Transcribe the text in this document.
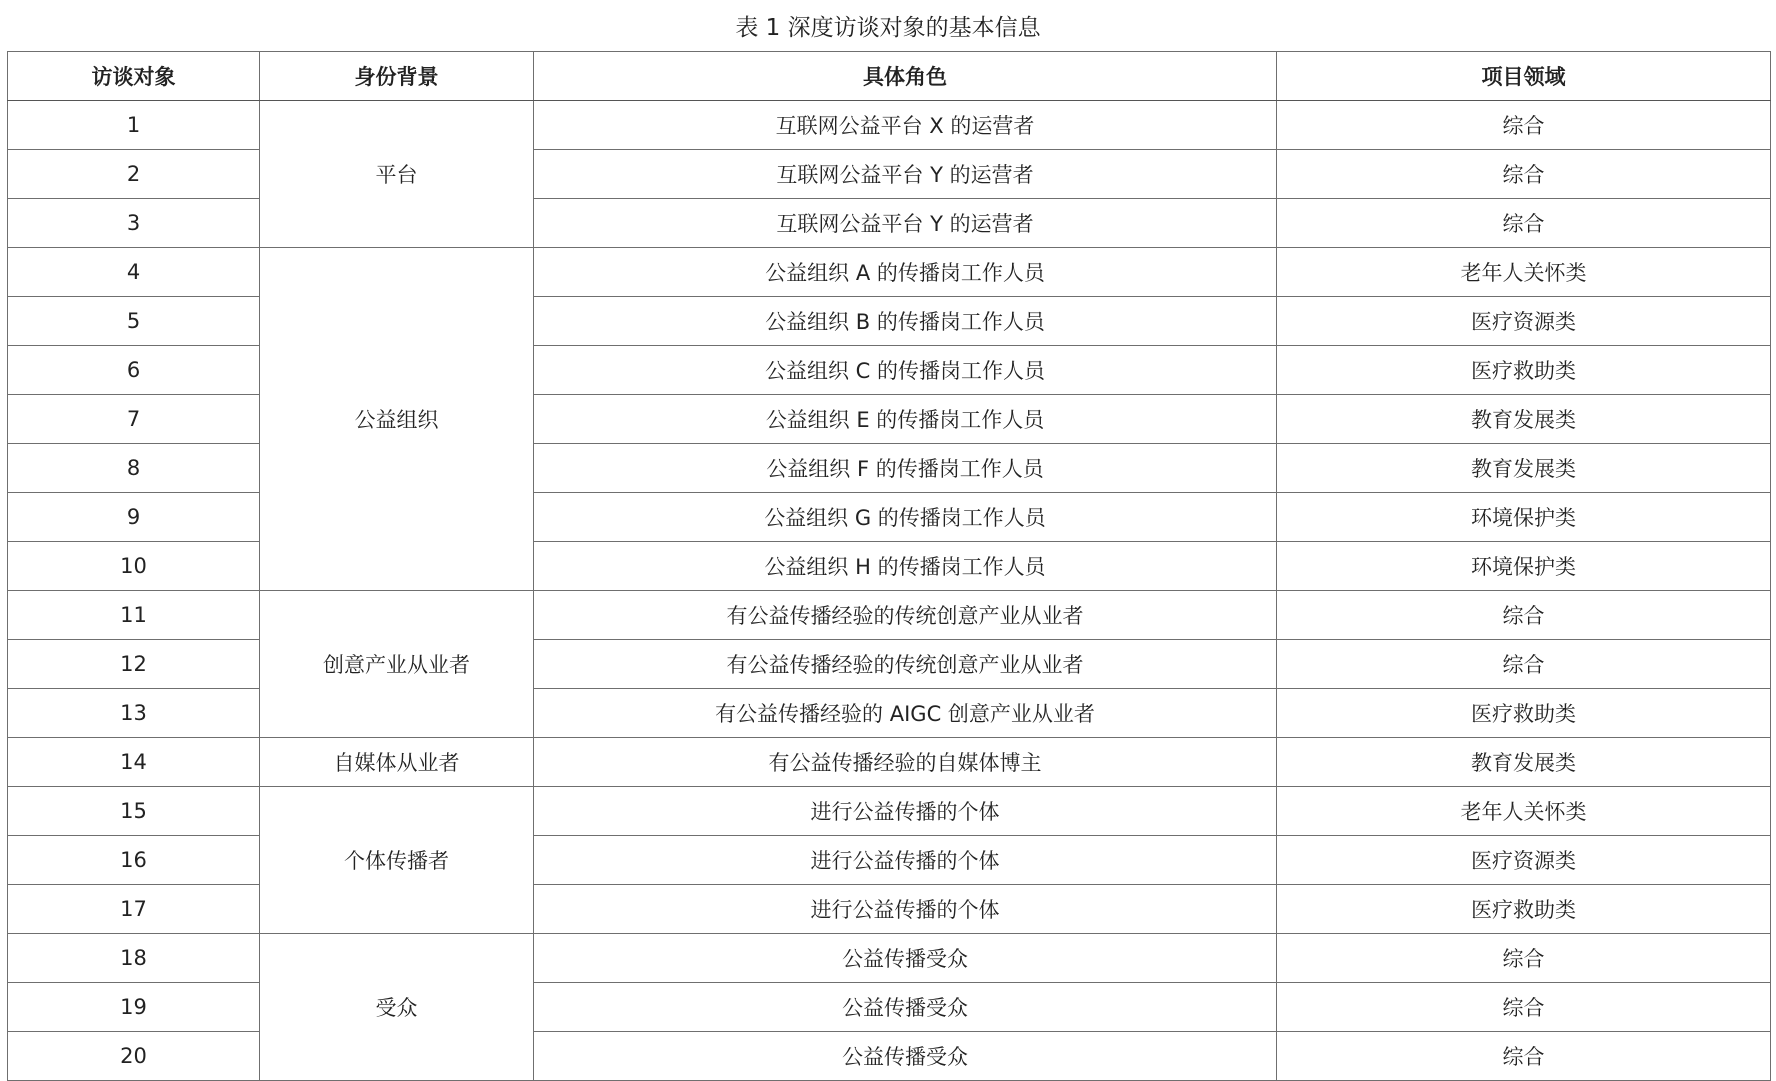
表 1 深度访谈对象的基本信息
访谈对象	身份背景	具体角色	项目领域
1	平台	互联网公益平台 X 的运营者	综合
2		互联网公益平台 Y 的运营者	综合
3		互联网公益平台 Y 的运营者	综合
4	公益组织	公益组织 A 的传播岗工作人员	老年人关怀类
5		公益组织 B 的传播岗工作人员	医疗资源类
6		公益组织 C 的传播岗工作人员	医疗救助类
7		公益组织 E 的传播岗工作人员	教育发展类
8		公益组织 F 的传播岗工作人员	教育发展类
9		公益组织 G 的传播岗工作人员	环境保护类
10		公益组织 H 的传播岗工作人员	环境保护类
11	创意产业从业者	有公益传播经验的传统创意产业从业者	综合
12		有公益传播经验的传统创意产业从业者	综合
13		有公益传播经验的 AIGC 创意产业从业者	医疗救助类
14	自媒体从业者	有公益传播经验的自媒体博主	教育发展类
15	个体传播者	进行公益传播的个体	老年人关怀类
16		进行公益传播的个体	医疗资源类
17		进行公益传播的个体	医疗救助类
18	受众	公益传播受众	综合
19		公益传播受众	综合
20		公益传播受众	综合
